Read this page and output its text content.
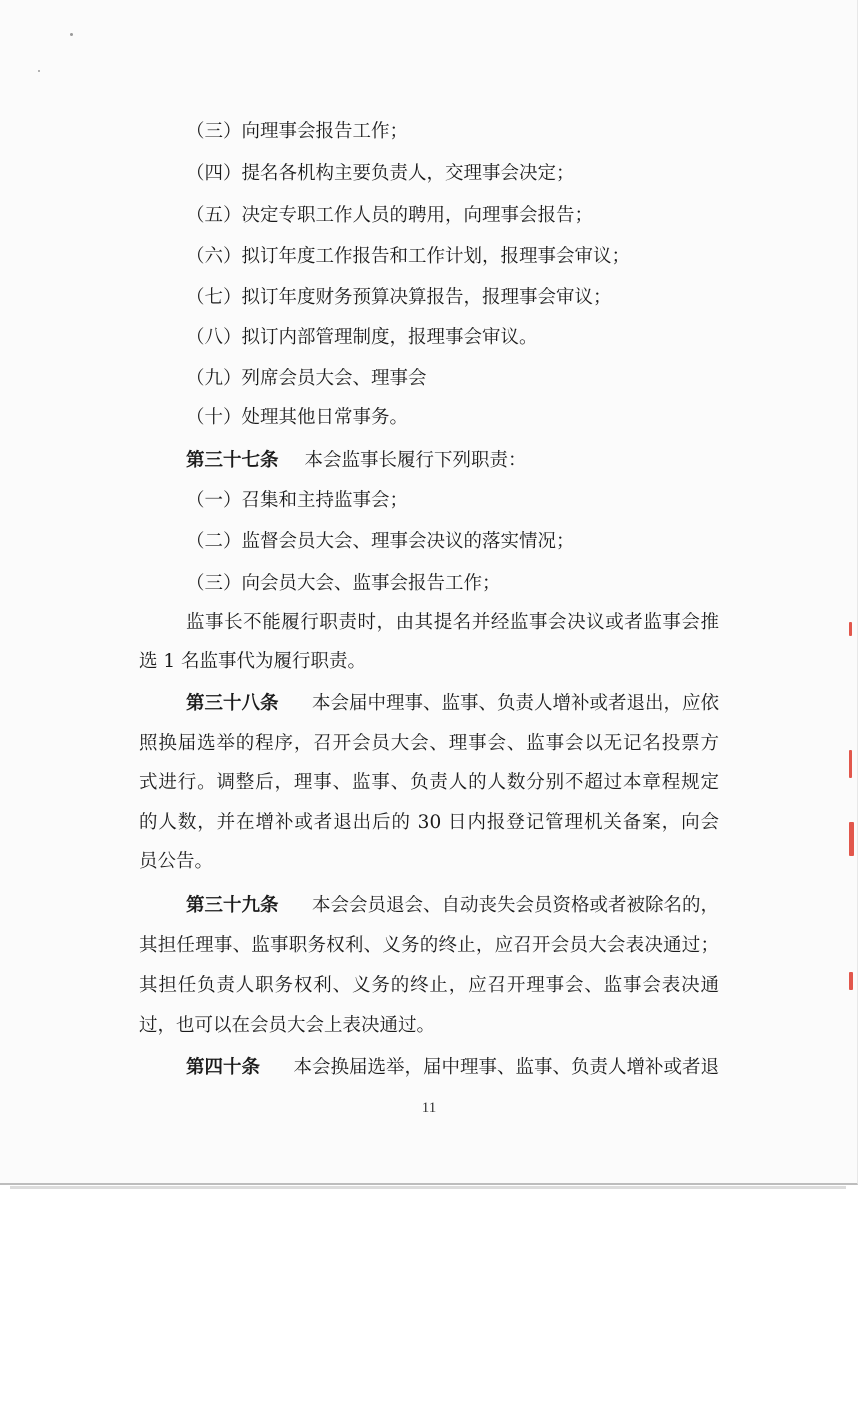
（三）向理事会报告工作；
（四）提名各机构主要负责人，交理事会决定；
（五）决定专职工作人员的聘用，向理事会报告；
（六）拟订年度工作报告和工作计划，报理事会审议；
（七）拟订年度财务预算决算报告，报理事会审议；
（八）拟订内部管理制度，报理事会审议。
（九）列席会员大会、理事会
（十）处理其他日常事务。
第三十七条 本会监事长履行下列职责：
（一）召集和主持监事会；
（二）监督会员大会、理事会决议的落实情况；
（三）向会员大会、监事会报告工作；
监事长不能履行职责时，由其提名并经监事会决议或者监事会推
选 1 名监事代为履行职责。
第三十八条 本会届中理事、监事、负责人增补或者退出，应依
照换届选举的程序，召开会员大会、理事会、监事会以无记名投票方
式进行。调整后，理事、监事、负责人的人数分别不超过本章程规定
的人数，并在增补或者退出后的 30 日内报登记管理机关备案，向会
员公告。
第三十九条 本会会员退会、自动丧失会员资格或者被除名的，
其担任理事、监事职务权利、义务的终止，应召开会员大会表决通过；
其担任负责人职务权利、义务的终止，应召开理事会、监事会表决通
过，也可以在会员大会上表决通过。
第四十条 本会换届选举，届中理事、监事、负责人增补或者退
11
